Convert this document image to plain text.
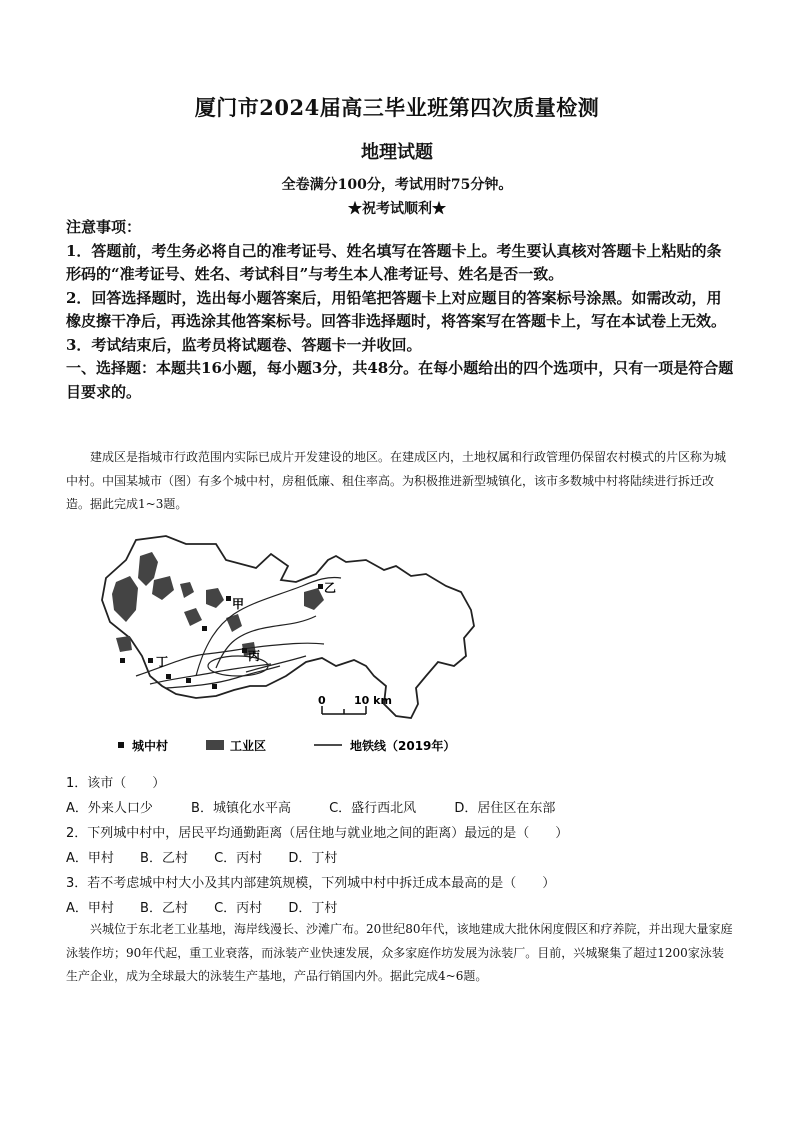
厦门市2024届高三毕业班第四次质量检测
地理试题
全卷满分100分，考试用时75分钟。
★祝考试顺利★

注意事项：

1．答题前，考生务必将自己的准考证号、姓名填写在答题卡上。考生要认真核对答题卡上粘贴的条形码的“准考证号、姓名、考试科目”与考生本人准考证号、姓名是否一致。

2．回答选择题时，选出每小题答案后，用铅笔把答题卡上对应题目的答案标号涂黑。如需改动，用橡皮擦干净后，再选涂其他答案标号。回答非选择题时，将答案写在答题卡上，写在本试卷上无效。

3．考试结束后，监考员将试题卷、答题卡一并收回。

一、选择题：本题共16小题，每小题3分，共48分。在每小题给出的四个选项中，只有一项是符合题目要求的。

建成区是指城市行政范围内实际已成片开发建设的地区。在建成区内，土地权属和行政管理仍保留农村模式的片区称为城中村。中国某城市（图）有多个城中村，房租低廉、租住率高。为积极推进新型城镇化，该市多数城中村将陆续进行拆迁改造。据此完成1~3题。
甲
乙
丙
丁
0	10 km
城中村	工业区	地铁线（2019年）

1．该市（　　）

A．外来人口少	B．城镇化水平高	C．盛行西北风	D．居住区在东部

2．下列城中村中，居民平均通勤距离（居住地与就业地之间的距离）最远的是（　　）

A．甲村 B．乙村 C．丙村 D．丁村

3．若不考虑城中村大小及其内部建筑规模，下列城中村中拆迁成本最高的是（　　）

A．甲村 B．乙村 C．丙村 D．丁村

兴城位于东北老工业基地，海岸线漫长、沙滩广布。20世纪80年代，该地建成大批休闲度假区和疗养院，并出现大量家庭泳装作坊；90年代起，重工业衰落，而泳装产业快速发展，众多家庭作坊发展为泳装厂。目前，兴城聚集了超过1200家泳装生产企业，成为全球最大的泳装生产基地，产品行销国内外。据此完成4~6题。
